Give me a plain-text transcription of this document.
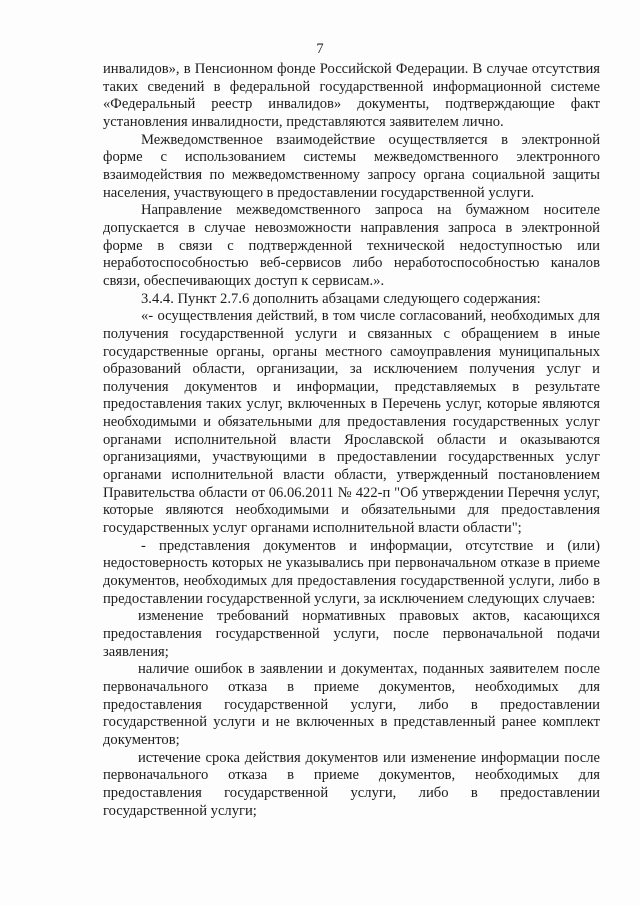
7

инвалидов», в Пенсионном фонде Российской Федерации. В случае отсутствия таких сведений в федеральной государственной информационной системе «Федеральный реестр инвалидов» документы, подтверждающие факт установления инвалидности, представляются заявителем лично.

Межведомственное взаимодействие осуществляется в электронной форме с использованием системы межведомственного электронного взаимодействия по межведомственному запросу органа социальной защиты населения, участвующего в предоставлении государственной услуги.

Направление межведомственного запроса на бумажном носителе допускается в случае невозможности направления запроса в электронной форме в связи с подтвержденной технической недоступностью или неработоспособностью веб-сервисов либо неработоспособностью каналов связи, обеспечивающих доступ к сервисам.».

3.4.4. Пункт 2.7.6 дополнить абзацами следующего содержания:

«- осуществления действий, в том числе согласований, необходимых для получения государственной услуги и связанных с обращением в иные государственные органы, органы местного самоуправления муниципальных образований области, организации, за исключением получения услуг и получения документов и информации, представляемых в результате предоставления таких услуг, включенных в Перечень услуг, которые являются необходимыми и обязательными для предоставления государственных услуг органами исполнительной власти Ярославской области и оказываются организациями, участвующими в предоставлении государственных услуг органами исполнительной власти области, утвержденный постановлением Правительства области от 06.06.2011 № 422-п "Об утверждении Перечня услуг, которые являются необходимыми и обязательными для предоставления государственных услуг органами исполнительной власти области";

- представления документов и информации, отсутствие и (или) недостоверность которых не указывались при первоначальном отказе в приеме документов, необходимых для предоставления государственной услуги, либо в предоставлении государственной услуги, за исключением следующих случаев:

изменение требований нормативных правовых актов, касающихся предоставления государственной услуги, после первоначальной подачи заявления;

наличие ошибок в заявлении и документах, поданных заявителем после первоначального отказа в приеме документов, необходимых для предоставления государственной услуги, либо в предоставлении государственной услуги и не включенных в представленный ранее комплект документов;

истечение срока действия документов или изменение информации после первоначального отказа в приеме документов, необходимых для предоставления государственной услуги, либо в предоставлении государственной услуги;
